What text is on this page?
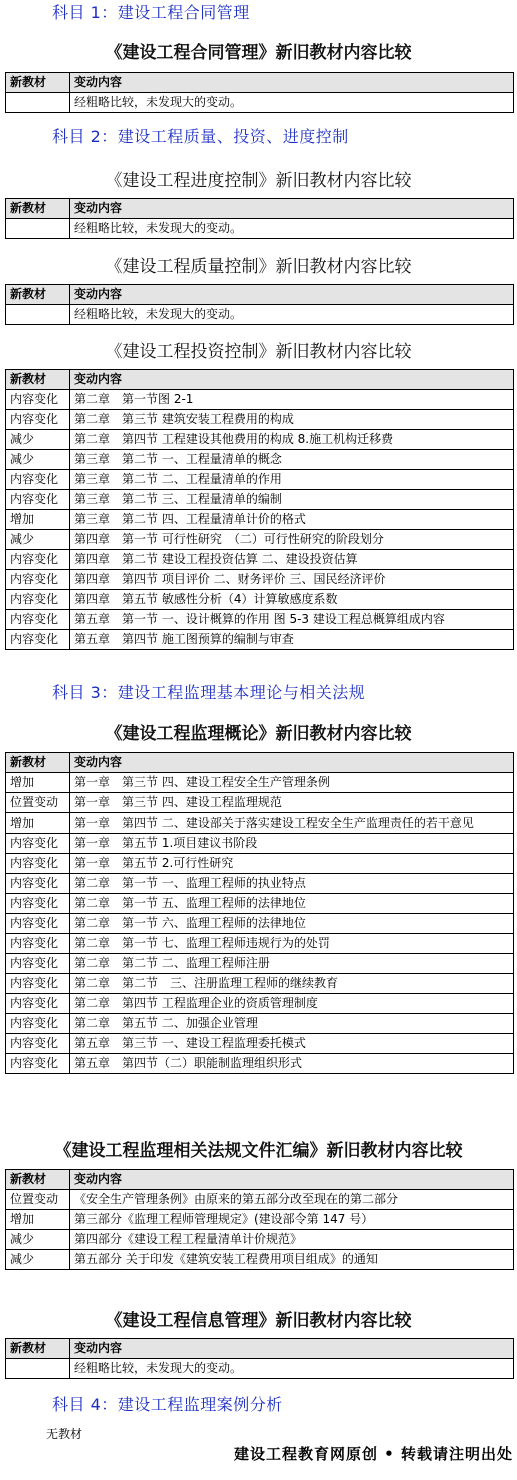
科目 1：建设工程合同管理
《建设工程合同管理》新旧教材内容比较
新教材	变动内容
	经粗略比较，未发现大的变动。
科目 2：建设工程质量、投资、进度控制
《建设工程进度控制》新旧教材内容比较
新教材	变动内容
	经粗略比较，未发现大的变动。
《建设工程质量控制》新旧教材内容比较
新教材	变动内容
	经粗略比较，未发现大的变动。
《建设工程投资控制》新旧教材内容比较
新教材	变动内容
内容变化	第二章　第一节图 2-1
内容变化	第二章　第三节 建筑安装工程费用的构成
减少	第二章　第四节 工程建设其他费用的构成 8.施工机构迁移费
减少	第三章　第二节 一、工程量清单的概念
内容变化	第三章　第二节 二、工程量清单的作用
内容变化	第三章　第二节 三、工程量清单的编制
增加	第三章　第二节 四、工程量清单计价的格式
减少	第四章　第一节 可行性研究　（二）可行性研究的阶段划分
内容变化	第四章　第二节 建设工程投资估算 二、建设投资估算
内容变化	第四章　第四节 项目评价 二、财务评价 三、国民经济评价
内容变化	第四章　第五节 敏感性分析（4）计算敏感度系数
内容变化	第五章　第一节 一、设计概算的作用 图 5-3 建设工程总概算组成内容
内容变化	第五章　第四节 施工图预算的编制与审查
科目 3：建设工程监理基本理论与相关法规
《建设工程监理概论》新旧教材内容比较
新教材	变动内容
增加	第一章　第三节 四、建设工程安全生产管理条例
位置变动	第一章　第三节 四、建设工程监理规范
增加	第一章　第四节 二、建设部关于落实建设工程安全生产监理责任的若干意见
内容变化	第一章　第五节 1.项目建议书阶段
内容变化	第一章　第五节 2.可行性研究
内容变化	第二章　第一节 一、监理工程师的执业特点
内容变化	第二章　第一节 五、监理工程师的法律地位
内容变化	第二章　第一节 六、监理工程师的法律地位
内容变化	第二章　第一节 七、监理工程师违规行为的处罚
内容变化	第二章　第二节 二、监理工程师注册
内容变化	第二章　第二节　三、注册监理工程师的继续教育
内容变化	第二章　第四节 工程监理企业的资质管理制度
内容变化	第二章　第五节 二、加强企业管理
内容变化	第五章　第三节 一、建设工程监理委托模式
内容变化	第五章　第四节（二）职能制监理组织形式
《建设工程监理相关法规文件汇编》新旧教材内容比较
新教材	变动内容
位置变动	《安全生产管理条例》由原来的第五部分改至现在的第二部分
增加	第三部分《监理工程师管理规定》(建设部令第 147 号）
减少	第四部分《建设工程工程量清单计价规范》
减少	第五部分 关于印发《建筑安装工程费用项目组成》的通知
《建设工程信息管理》新旧教材内容比较
新教材	变动内容
	经粗略比较，未发现大的变动。
科目 4：建设工程监理案例分析
无教材
建设工程教育网原创 • 转载请注明出处
